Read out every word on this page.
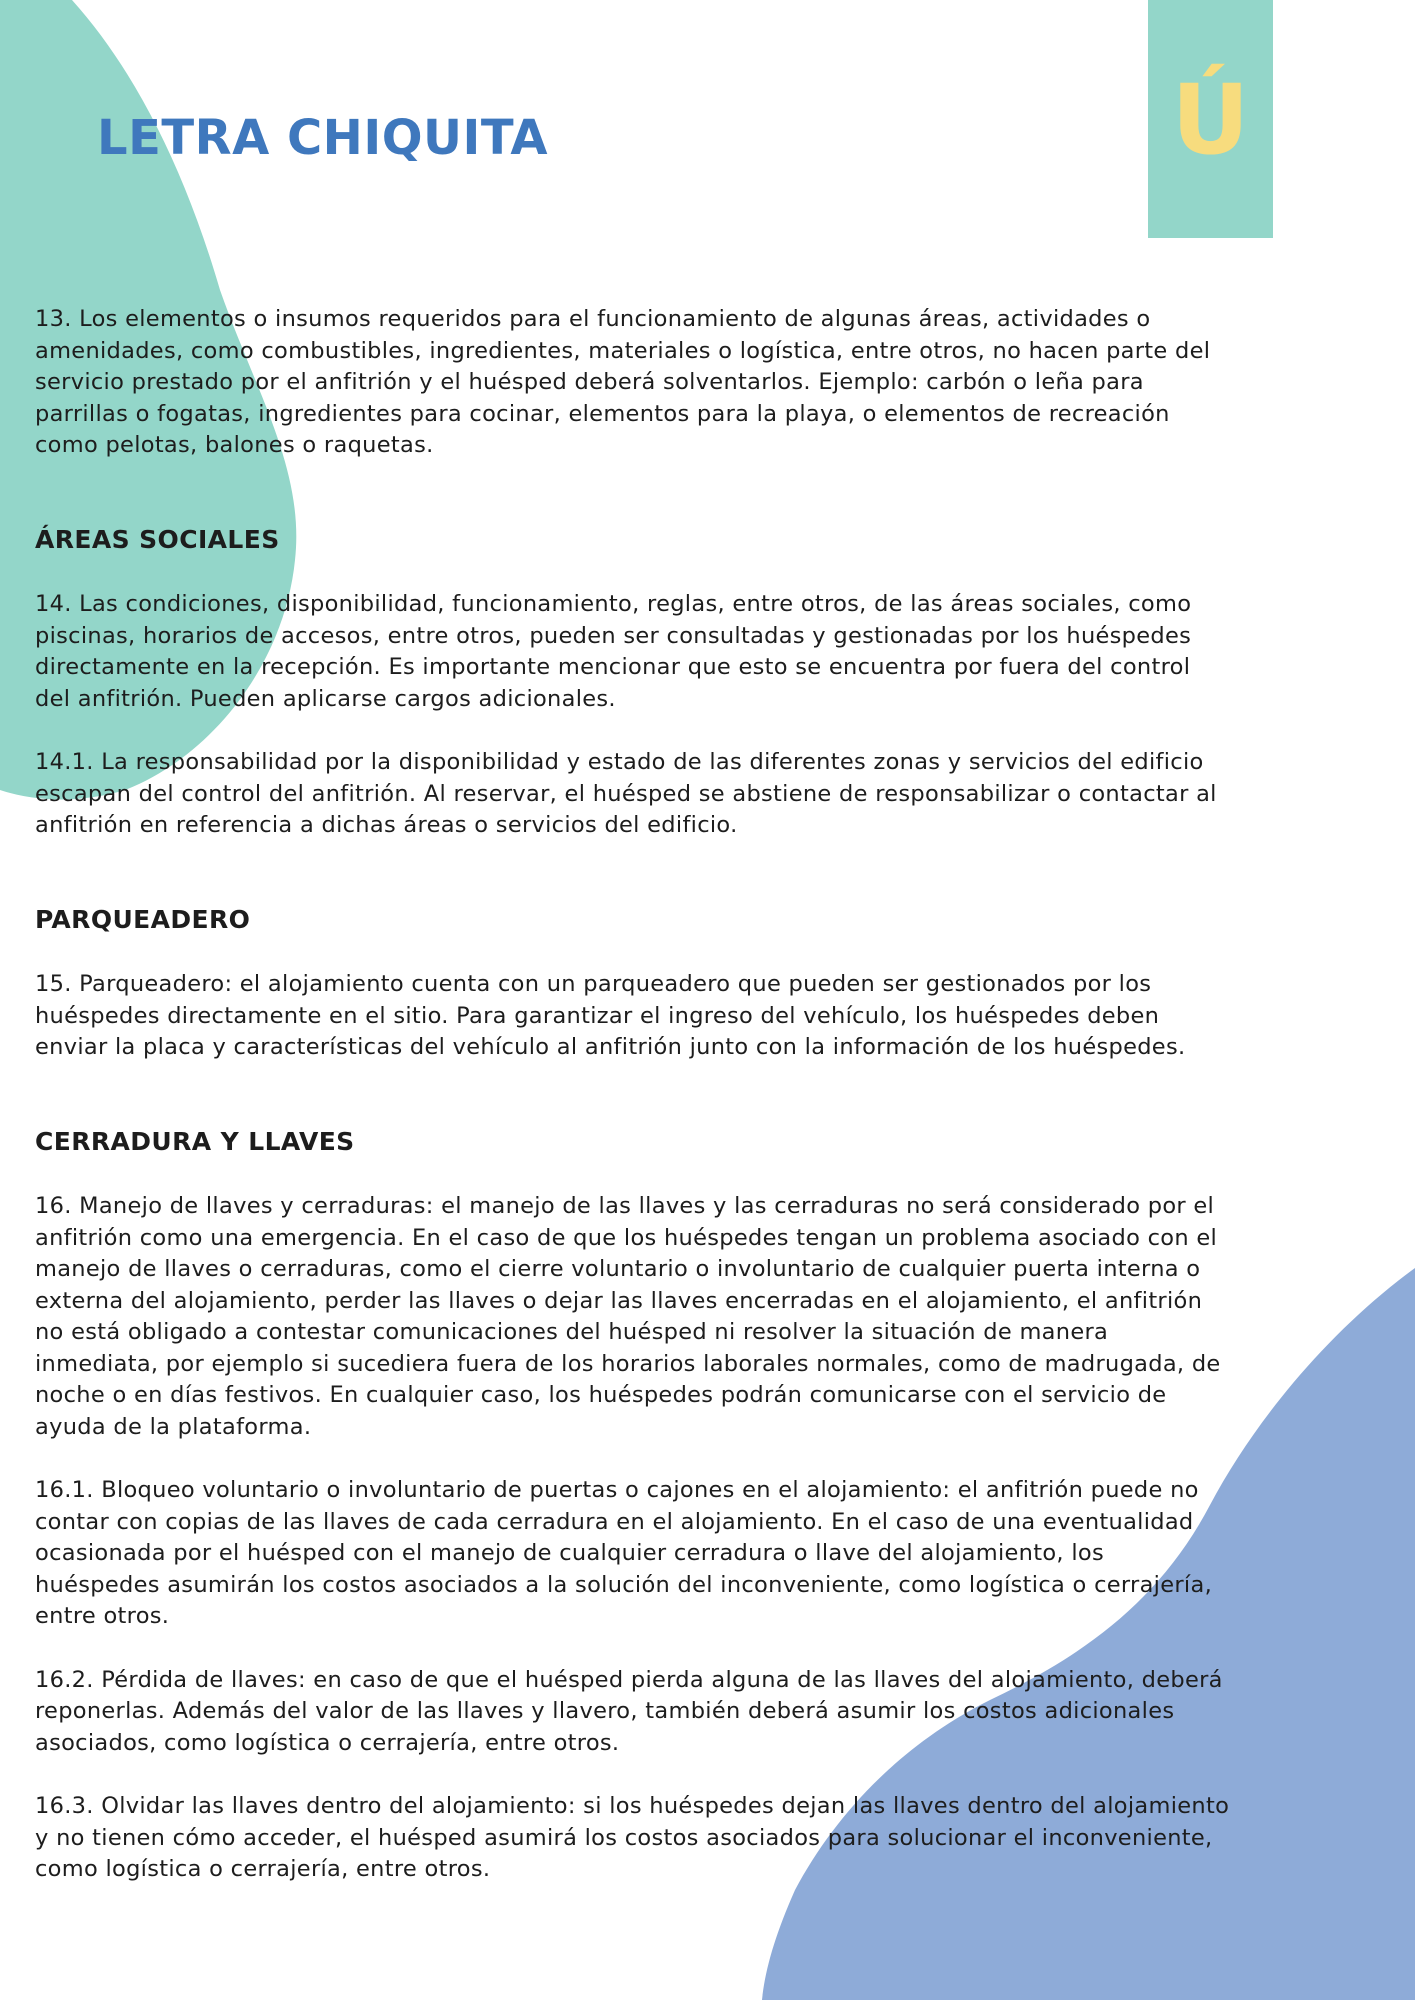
Ú
LETRA CHIQUITA

13. Los elementos o insumos requeridos para el funcionamiento de algunas áreas, actividades o
amenidades, como combustibles, ingredientes, materiales o logística, entre otros, no hacen parte del
servicio prestado por el anfitrión y el huésped deberá solventarlos. Ejemplo: carbón o leña para
parrillas o fogatas, ingredientes para cocinar, elementos para la playa, o elementos de recreación
como pelotas, balones o raquetas.

ÁREAS SOCIALES

14. Las condiciones, disponibilidad, funcionamiento, reglas, entre otros, de las áreas sociales, como
piscinas, horarios de accesos, entre otros, pueden ser consultadas y gestionadas por los huéspedes
directamente en la recepción. Es importante mencionar que esto se encuentra por fuera del control
del anfitrión. Pueden aplicarse cargos adicionales.

14.1. La responsabilidad por la disponibilidad y estado de las diferentes zonas y servicios del edificio
escapan del control del anfitrión. Al reservar, el huésped se abstiene de responsabilizar o contactar al
anfitrión en referencia a dichas áreas o servicios del edificio.

PARQUEADERO

15. Parqueadero: el alojamiento cuenta con un parqueadero que pueden ser gestionados por los
huéspedes directamente en el sitio. Para garantizar el ingreso del vehículo, los huéspedes deben
enviar la placa y características del vehículo al anfitrión junto con la información de los huéspedes.

CERRADURA Y LLAVES

16. Manejo de llaves y cerraduras: el manejo de las llaves y las cerraduras no será considerado por el
anfitrión como una emergencia. En el caso de que los huéspedes tengan un problema asociado con el
manejo de llaves o cerraduras, como el cierre voluntario o involuntario de cualquier puerta interna o
externa del alojamiento, perder las llaves o dejar las llaves encerradas en el alojamiento, el anfitrión
no está obligado a contestar comunicaciones del huésped ni resolver la situación de manera
inmediata, por ejemplo si sucediera fuera de los horarios laborales normales, como de madrugada, de
noche o en días festivos. En cualquier caso, los huéspedes podrán comunicarse con el servicio de
ayuda de la plataforma.

16.1. Bloqueo voluntario o involuntario de puertas o cajones en el alojamiento: el anfitrión puede no
contar con copias de las llaves de cada cerradura en el alojamiento. En el caso de una eventualidad
ocasionada por el huésped con el manejo de cualquier cerradura o llave del alojamiento, los
huéspedes asumirán los costos asociados a la solución del inconveniente, como logística o cerrajería,
entre otros.

16.2. Pérdida de llaves: en caso de que el huésped pierda alguna de las llaves del alojamiento, deberá
reponerlas. Además del valor de las llaves y llavero, también deberá asumir los costos adicionales
asociados, como logística o cerrajería, entre otros.

16.3. Olvidar las llaves dentro del alojamiento: si los huéspedes dejan las llaves dentro del alojamiento
y no tienen cómo acceder, el huésped asumirá los costos asociados para solucionar el inconveniente,
como logística o cerrajería, entre otros.
